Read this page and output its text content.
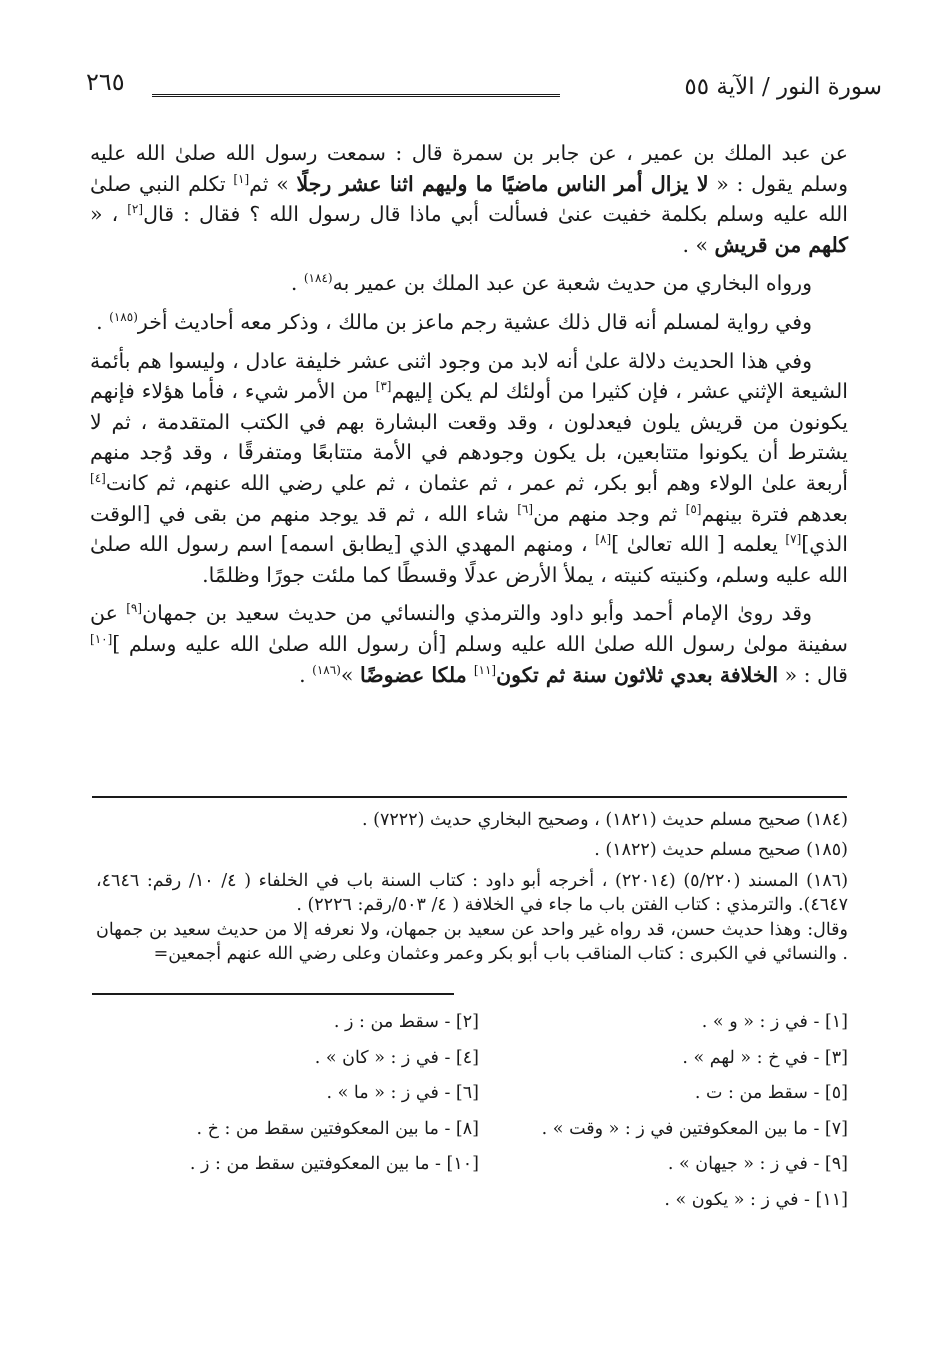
٢٦٥	سورة النور / الآية ٥٥

عن عبد الملك بن عمير ، عن جابر بن سمرة قال : سمعت رسول الله صلىٰ الله عليه وسلم يقول : « لا يزال أمر الناس ماضيًا ما وليهم اثنا عشر رجلًا » ثم[١] تكلم النبي صلىٰ الله عليه وسلم بكلمة خفيت عنىٰ فسألت أبي ماذا قال رسول الله ؟ فقال : قال[٢] ، « كلهم من قريش » .

ورواه البخاري من حديث شعبة عن عبد الملك بن عمير به$^{(١٨٤)}$ .

وفي رواية لمسلم أنه قال ذلك عشية رجم ماعز بن مالك ، وذكر معه أحاديث أخر$^{(١٨٥)}$ .

وفي هذا الحديث دلالة علىٰ أنه لابد من وجود اثنى عشر خليفة عادل ، وليسوا هم بأئمة الشيعة الإثني عشر ، فإن كثيرا من أولئك لم يكن إليهم[٣] من الأمر شيء ، فأما هؤلاء فإنهم يكونون من قريش يلون فيعدلون ، وقد وقعت البشارة بهم في الكتب المتقدمة ، ثم لا يشترط أن يكونوا متتابعين، بل يكون وجودهم في الأمة متتابعًا ومتفرقًا ، وقد وُجد منهم أربعة علىٰ الولاء وهم أبو بكر، ثم عمر ، ثم عثمان ، ثم علي رضي الله عنهم، ثم كانت[٤] بعدهم فترة بينهم[٥] ثم وجد منهم من[٦] شاء الله ، ثم قد يوجد منهم من بقى في [الوقت الذي][٧] يعلمه [ الله تعالىٰ ][٨] ، ومنهم المهدي الذي [يطابق اسمه] اسم رسول الله صلىٰ الله عليه وسلم، وكنيته كنيته ، يملأ الأرض عدلًا وقسطًا كما ملئت جورًا وظلمًا.

وقد روىٰ الإمام أحمد وأبو داود والترمذي والنسائي من حديث سعيد بن جمهان[٩] عن سفينة مولىٰ رسول الله صلىٰ الله عليه وسلم [أن رسول الله صلىٰ الله عليه وسلم ][١٠] قال : « الخلافة بعدي ثلاثون سنة ثم تكون[١١] ملكا عضوضًا »$^{(١٨٦)}$ .

(١٨٤) صحيح مسلم حديث (١٨٢١) ، وصحيح البخاري حديث (٧٢٢٢) .

(١٨٥) صحيح مسلم حديث (١٨٢٢) .

(١٨٦) المسند (٥/٢٢٠) (٢٢٠١٤) ، أخرجه أبو داود : كتاب السنة باب في الخلفاء ( ٤/ ١٠/ رقم: ٤٦٤٦، ٤٦٤٧). والترمذي : كتاب الفتن باب ما جاء في الخلافة ( ٤/ ٥٠٣/رقم: ٢٢٢٦) .

وقال: وهذا حديث حسن، قد رواه غير واحد عن سعيد بن جمهان، ولا نعرفه إلا من حديث سعيد بن جمهان . والنسائي في الكبرى : كتاب المناقب باب أبو بكر وعمر وعثمان وعلى رضي الله عنهم أجمعين=

[١] - في ز : « و » .
[٢] - سقط من : ز .
[٣] - في خ : « لهم » .
[٤] - في ز : « كان » .
[٥] - سقط من : ت .
[٦] - في ز : « ما » .
[٧] - ما بين المعكوفتين في ز : « وقت » .
[٨] - ما بين المعكوفتين سقط من : خ .
[٩] - في ز : « جيهان » .
[١٠] - ما بين المعكوفتين سقط من : ز .
[١١] - في ز : « يكون » .
